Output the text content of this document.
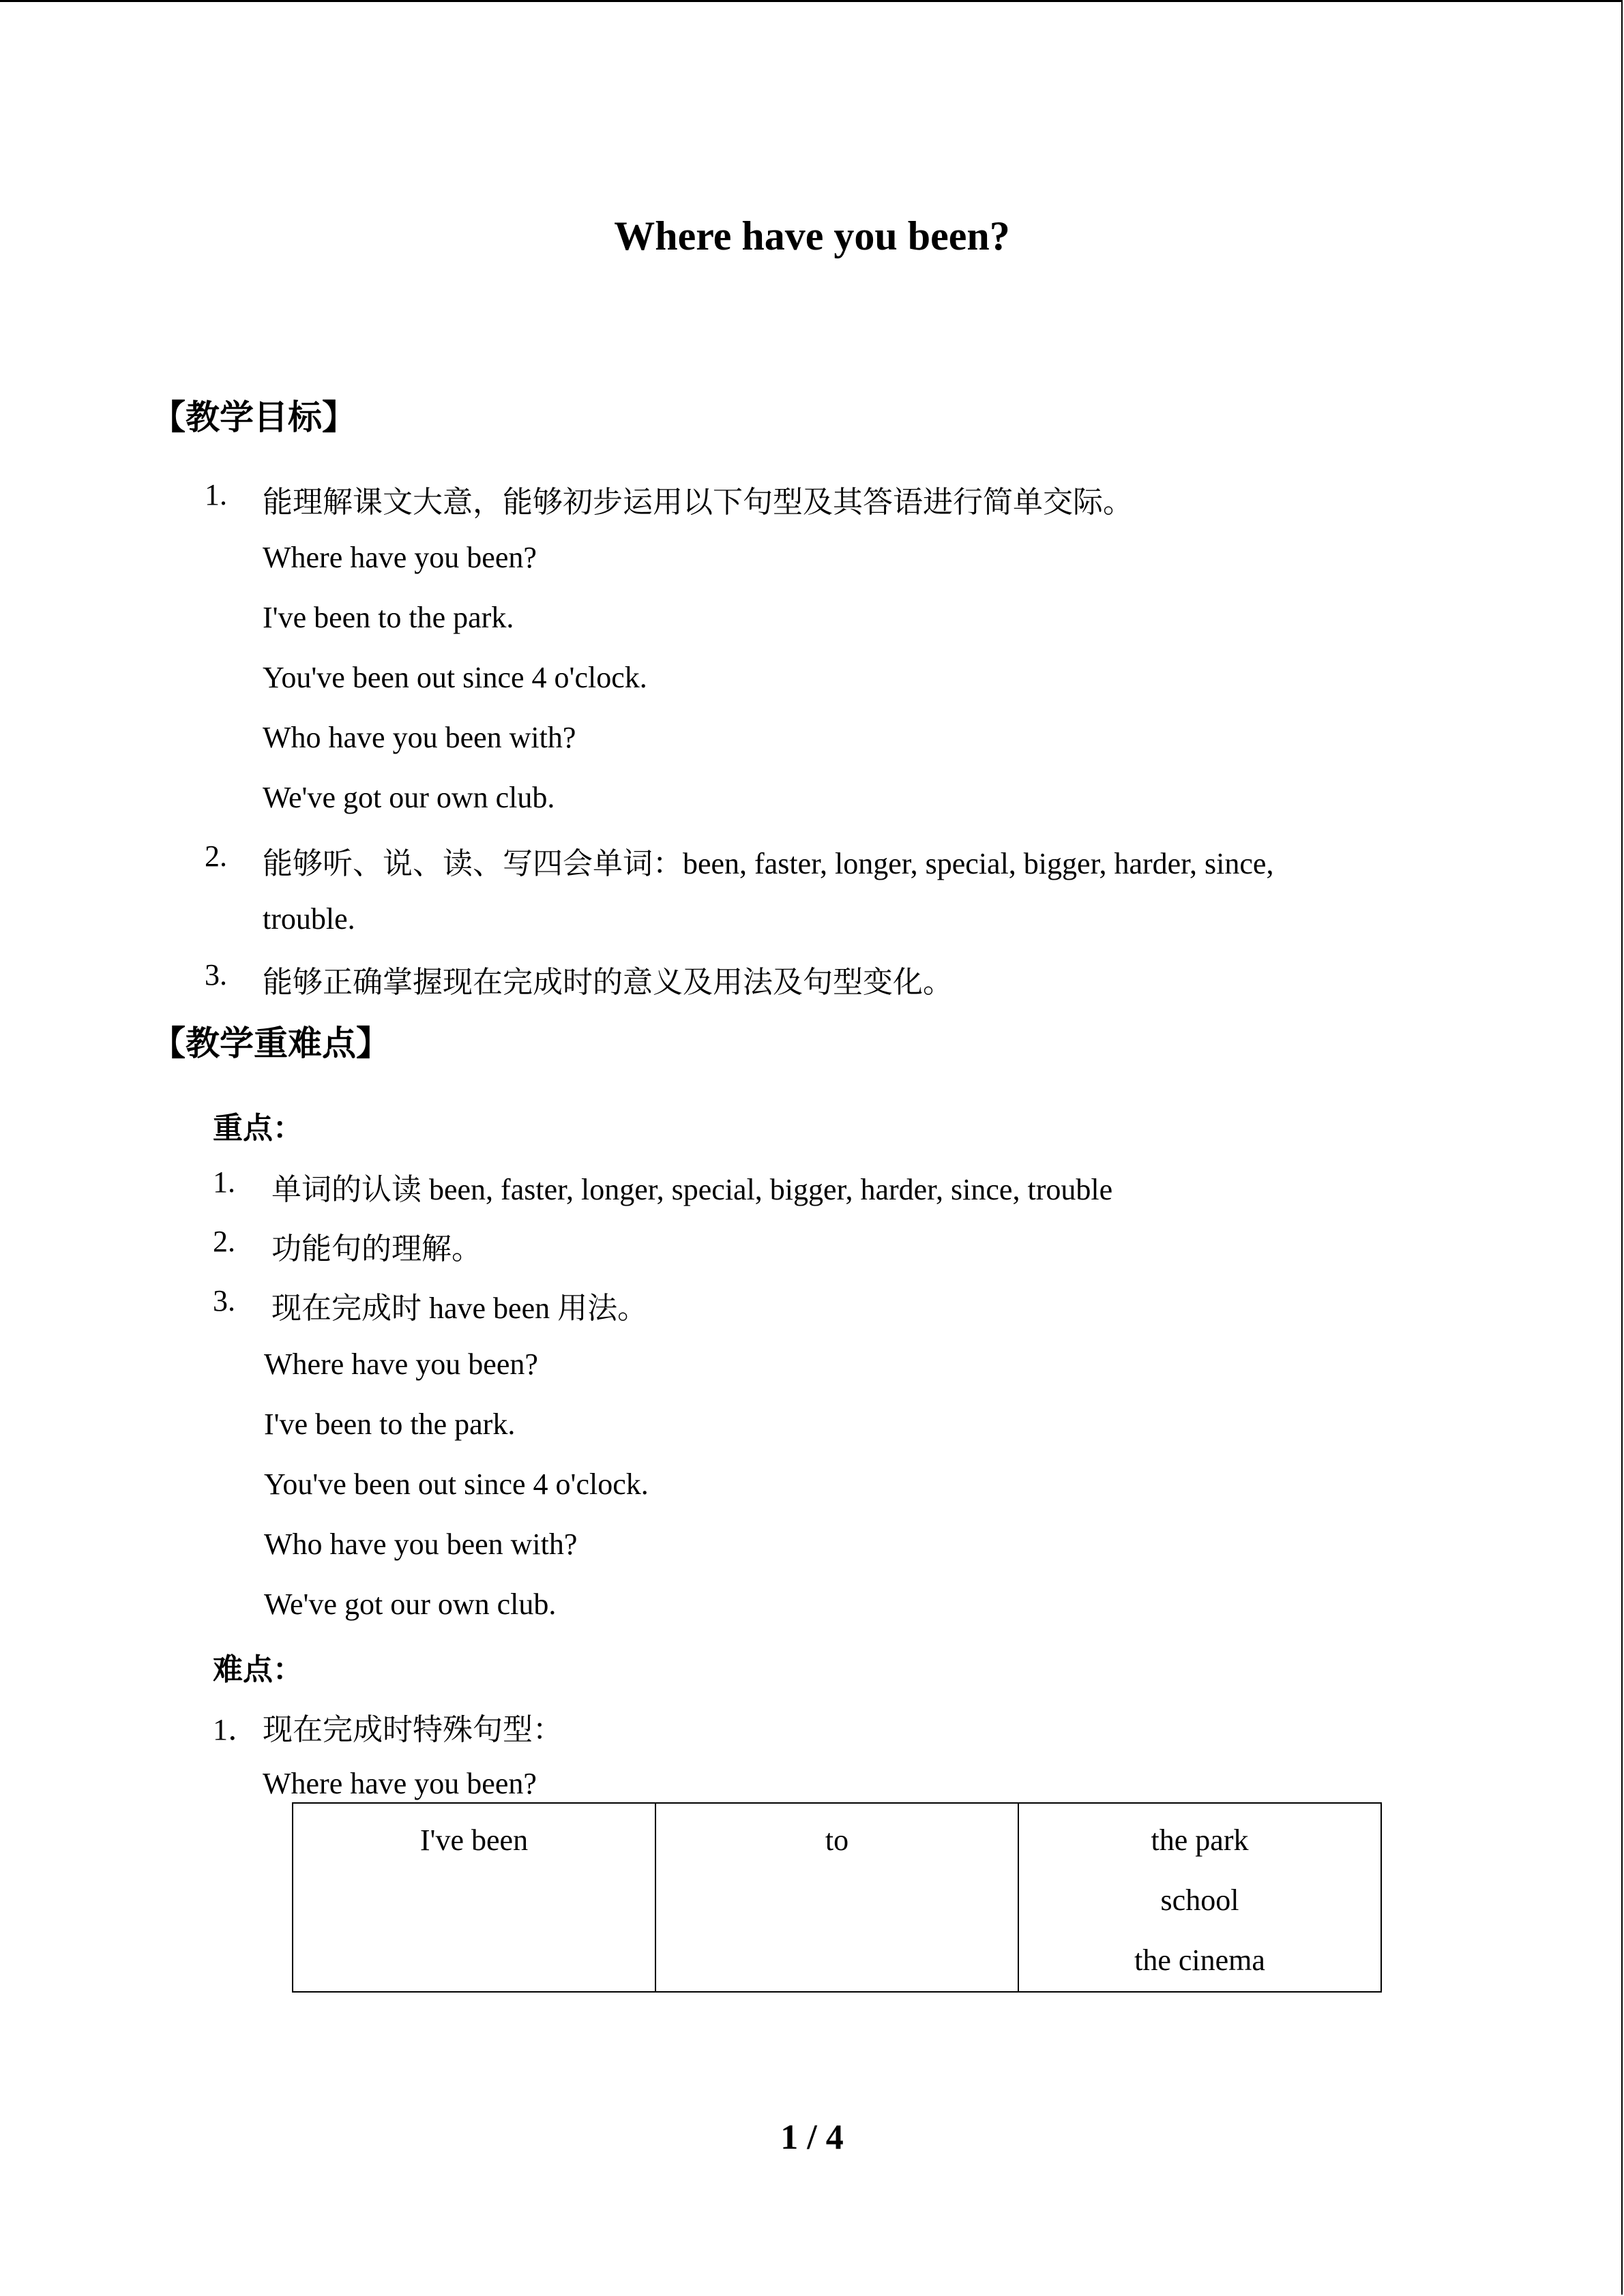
Where have you been?
【教学目标】
1. 能理解课文大意，能够初步运用以下句型及其答语进行简单交际。
Where have you been?
I've been to the park.
You've been out since 4 o'clock.
Who have you been with?
We've got our own club.
2. 能够听、说、读、写四会单词：been, faster, longer, special, bigger, harder, since,
trouble.
3. 能够正确掌握现在完成时的意义及用法及句型变化。
【教学重难点】
重点：
1. 单词的认读 been, faster, longer, special, bigger, harder, since, trouble
2. 功能句的理解。
3. 现在完成时 have been 用法。
Where have you been?
I've been to the park.
You've been out since 4 o'clock.
Who have you been with?
We've got our own club.
难点：
1． 现在完成时特殊句型：
Where have you been?
I've been	to	the park
school
the cinema
1 / 4
